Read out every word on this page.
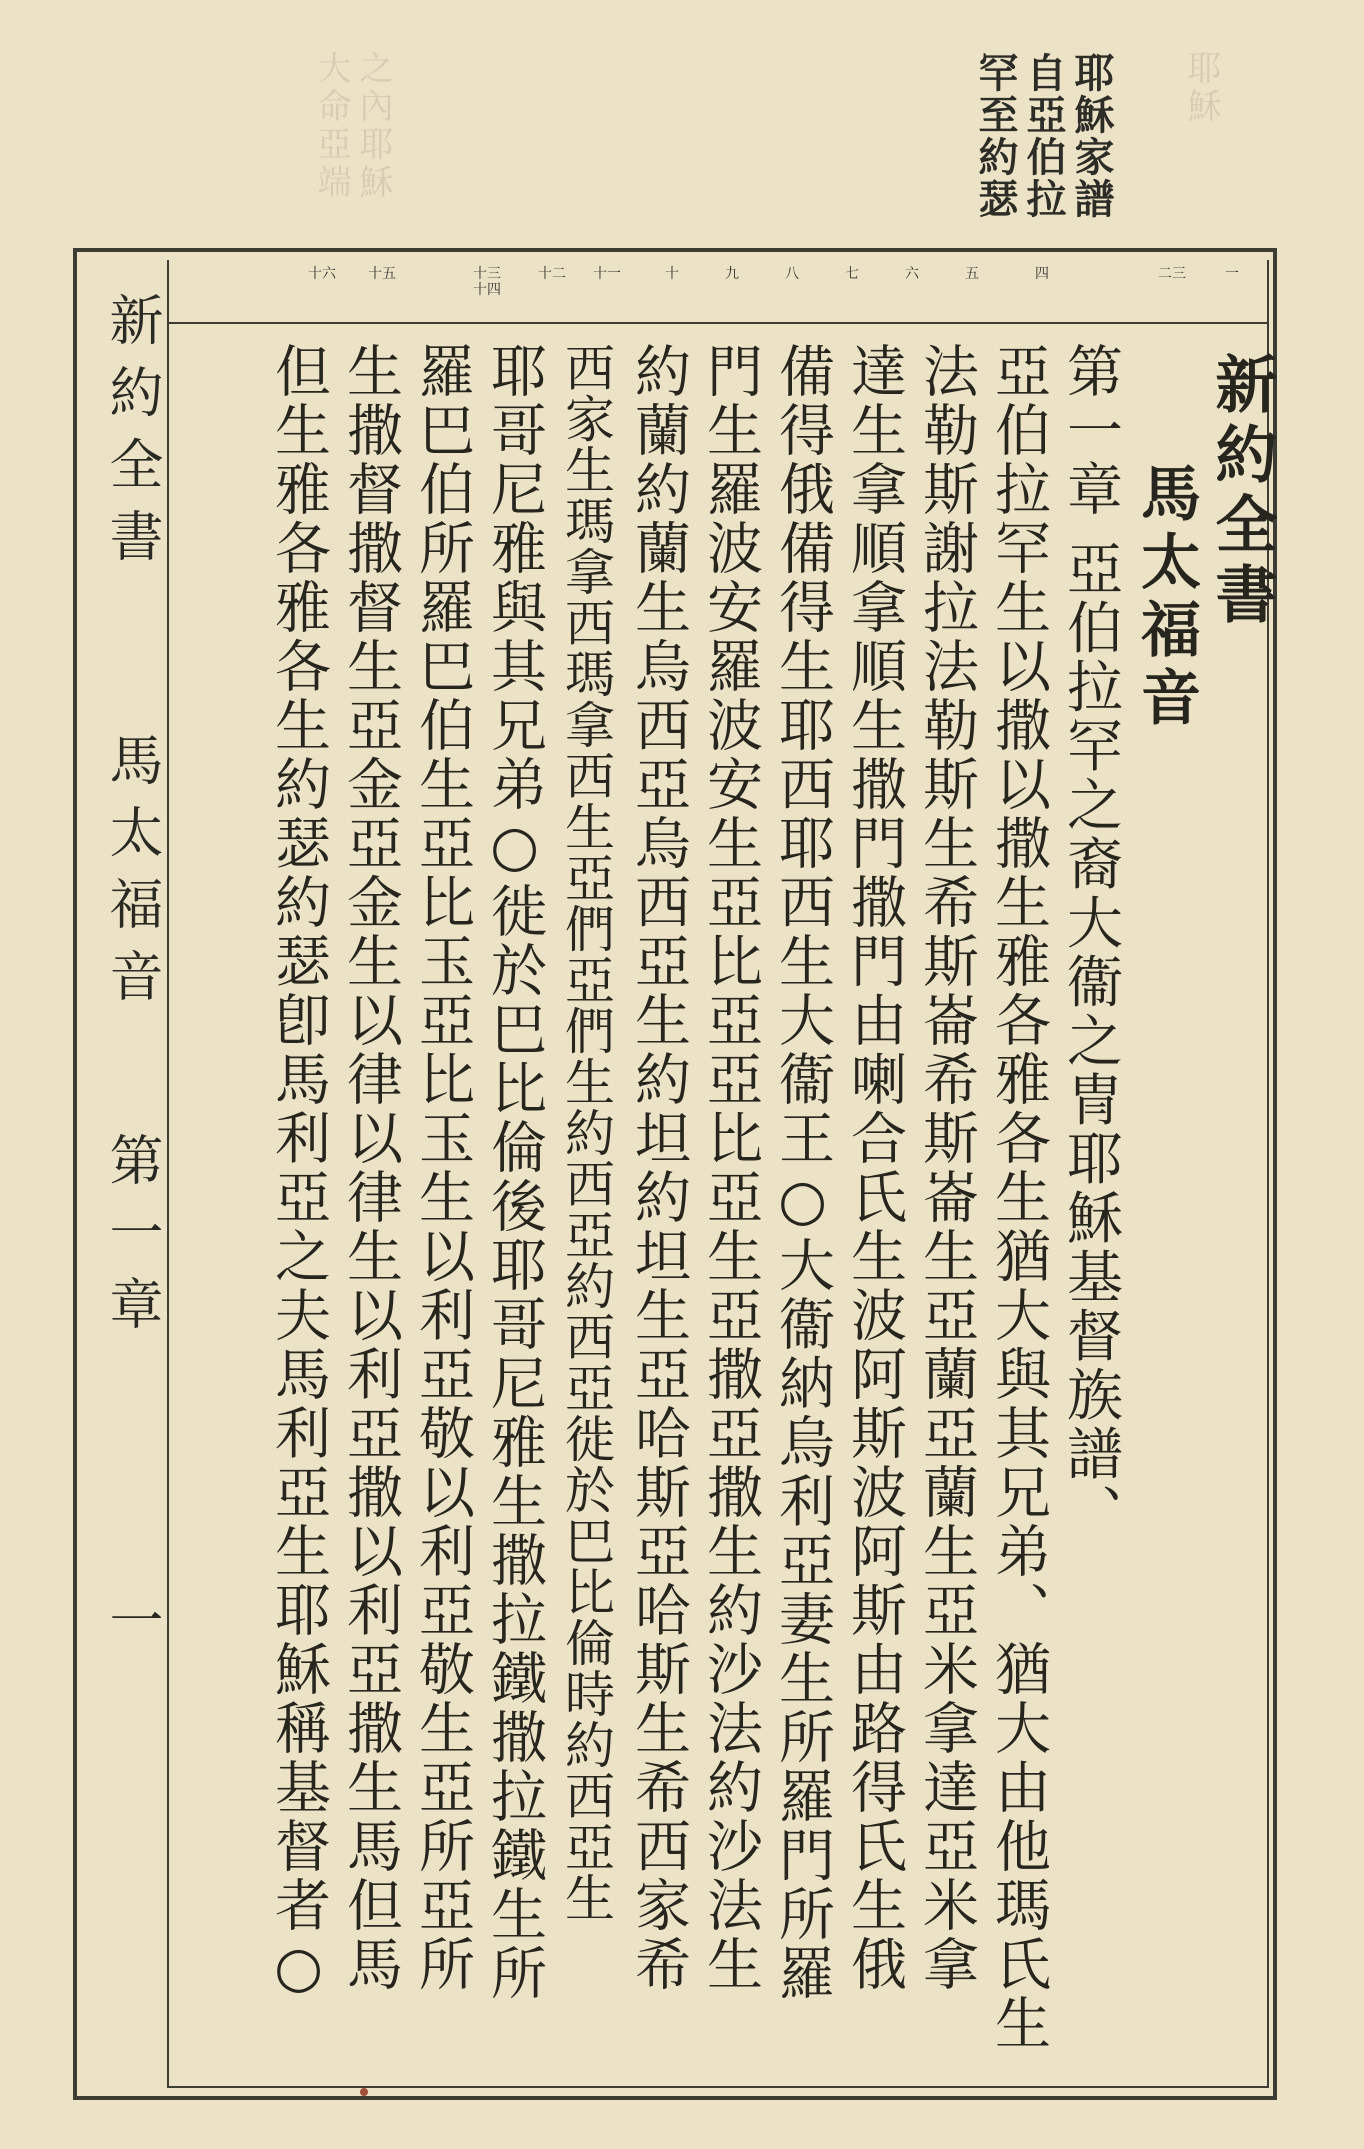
之內耶穌大命亞端	耶穌
耶穌家譜自亞伯拉罕至約瑟
新約全書
馬太福音
第一章
一
一
二三
四
五
六
七
八
九
十
十一
十二
十三十四
十五
十六
新約全書
馬太福音
第一章 亞伯拉罕之裔大衞之冑耶穌基督族譜、
亞伯拉罕生以撒以撒生雅各雅各生猶大與其兄弟、猶大由他瑪氏生
法勒斯謝拉法勒斯生希斯崙希斯崙生亞蘭亞蘭生亞米拿達亞米拿
達生拿順拿順生撒門撒門由喇合氏生波阿斯波阿斯由路得氏生俄
備得俄備得生耶西耶西生大衞王○大衞納烏利亞妻生所羅門所羅
門生羅波安羅波安生亞比亞亞比亞生亞撒亞撒生約沙法約沙法生
約蘭約蘭生烏西亞烏西亞生約坦約坦生亞哈斯亞哈斯生希西家希
西家生瑪拿西瑪拿西生亞們亞們生約西亞約西亞徙於巴比倫時約西亞生
耶哥尼雅與其兄弟○徙於巴比倫後耶哥尼雅生撒拉鐵撒拉鐵生所
羅巴伯所羅巴伯生亞比玉亞比玉生以利亞敬以利亞敬生亞所亞所
生撒督撒督生亞金亞金生以律以律生以利亞撒以利亞撒生馬但馬
但生雅各雅各生約瑟約瑟卽馬利亞之夫馬利亞生耶穌稱基督者○
